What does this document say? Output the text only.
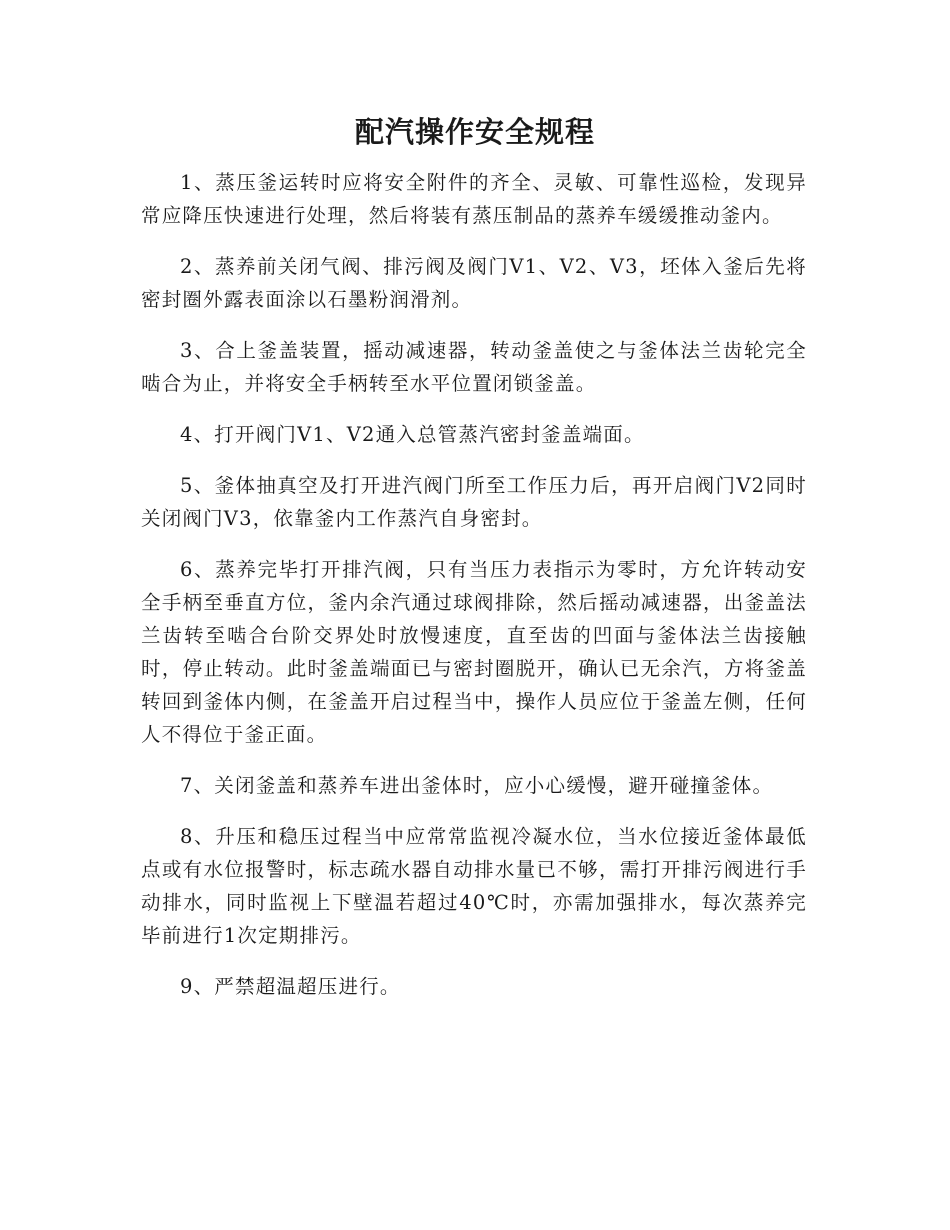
配汽操作安全规程

1、蒸压釜运转时应将安全附件的齐全、灵敏、可靠性巡检，发现异常应降压快速进行处理，然后将装有蒸压制品的蒸养车缓缓推动釜内。

2、蒸养前关闭气阀、排污阀及阀门V1、V2、V3，坯体入釜后先将密封圈外露表面涂以石墨粉润滑剂。

3、合上釜盖装置，摇动减速器，转动釜盖使之与釜体法兰齿轮完全啮合为止，并将安全手柄转至水平位置闭锁釜盖。

4、打开阀门V1、V2通入总管蒸汽密封釜盖端面。

5、釜体抽真空及打开进汽阀门所至工作压力后，再开启阀门V2同时关闭阀门V3，依靠釜内工作蒸汽自身密封。

6、蒸养完毕打开排汽阀，只有当压力表指示为零时，方允许转动安全手柄至垂直方位，釜内余汽通过球阀排除，然后摇动减速器，出釜盖法兰齿转至啮合台阶交界处时放慢速度，直至齿的凹面与釜体法兰齿接触时，停止转动。此时釜盖端面已与密封圈脱开，确认已无余汽，方将釜盖转回到釜体内侧，在釜盖开启过程当中，操作人员应位于釜盖左侧，任何人不得位于釜正面。

7、关闭釜盖和蒸养车进出釜体时，应小心缓慢，避开碰撞釜体。

8、升压和稳压过程当中应常常监视冷凝水位，当水位接近釜体最低点或有水位报警时，标志疏水器自动排水量已不够，需打开排污阀进行手动排水，同时监视上下壁温若超过40℃时，亦需加强排水，每次蒸养完毕前进行1次定期排污。

9、严禁超温超压进行。
